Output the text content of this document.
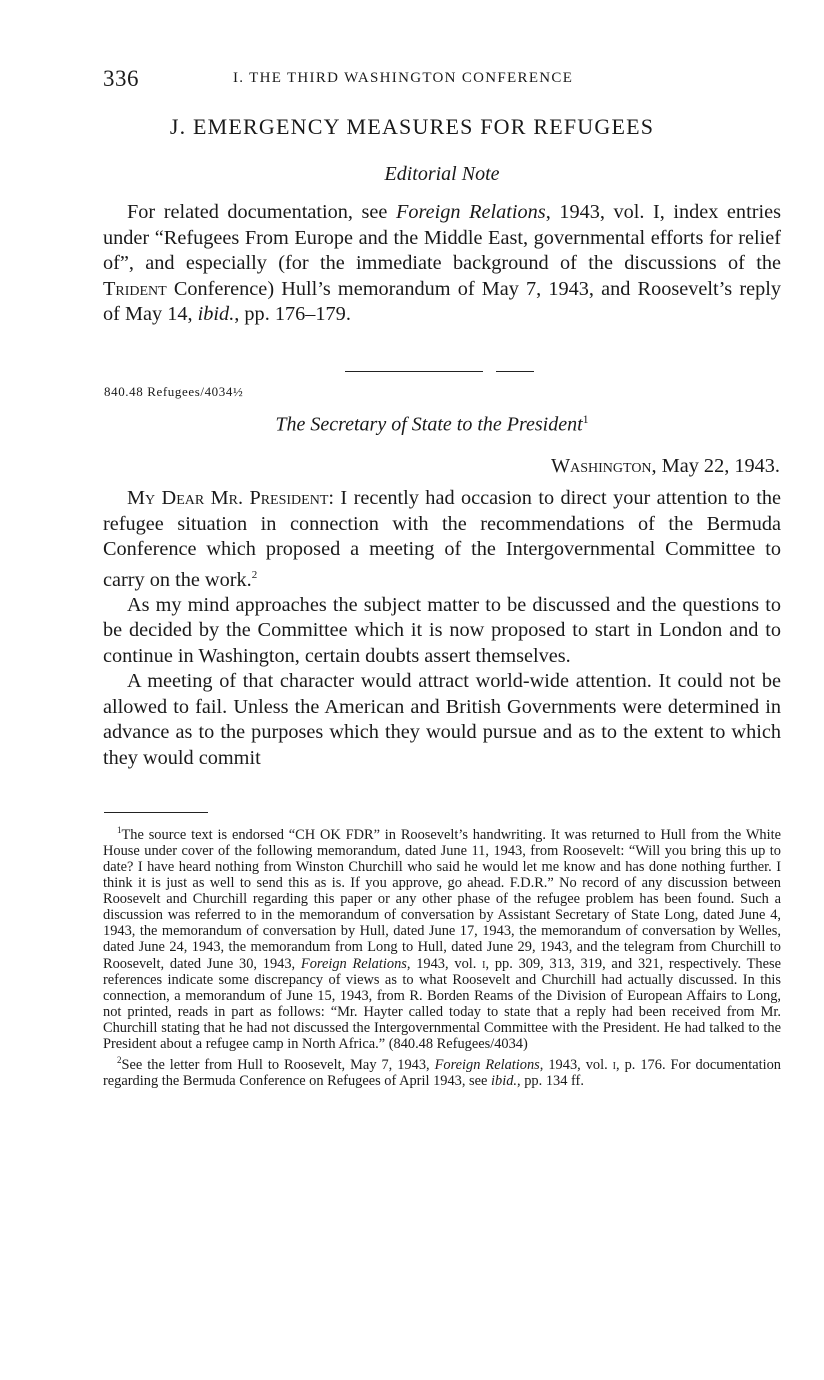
336	I. THE THIRD WASHINGTON CONFERENCE
J. EMERGENCY MEASURES FOR REFUGEES
Editorial Note
For related documentation, see Foreign Relations, 1943, vol. I, index entries under “Refugees From Europe and the Middle East, governmental efforts for relief of”, and especially (for the immediate background of the discussions of the Trident Conference) Hull’s memorandum of May 7, 1943, and Roosevelt’s reply of May 14, ibid., pp. 176–179.
840.48 Refugees/4034½
The Secretary of State to the President$^1$
Washington, May 22, 1943.

My Dear Mr. President: I recently had occasion to direct your attention to the refugee situation in connection with the recommendations of the Bermuda Conference which proposed a meeting of the Intergovernmental Committee to carry on the work.$^2$

As my mind approaches the subject matter to be discussed and the questions to be decided by the Committee which it is now proposed to start in London and to continue in Washington, certain doubts assert themselves.

A meeting of that character would attract world-wide attention. It could not be allowed to fail. Unless the American and British Governments were determined in advance as to the purposes which they would pursue and as to the extent to which they would commit

$^1$The source text is endorsed “CH OK FDR” in Roosevelt’s handwriting. It was returned to Hull from the White House under cover of the following memorandum, dated June 11, 1943, from Roosevelt: “Will you bring this up to date? I have heard nothing from Winston Churchill who said he would let me know and has done nothing further. I think it is just as well to send this as is. If you approve, go ahead. F.D.R.” No record of any discussion between Roosevelt and Churchill regarding this paper or any other phase of the refugee problem has been found. Such a discussion was referred to in the memorandum of conversation by Assistant Secretary of State Long, dated June 4, 1943, the memorandum of conversation by Hull, dated June 17, 1943, the memorandum of conversation by Welles, dated June 24, 1943, the memorandum from Long to Hull, dated June 29, 1943, and the telegram from Churchill to Roosevelt, dated June 30, 1943, Foreign Relations, 1943, vol. i, pp. 309, 313, 319, and 321, respectively. These references indicate some discrepancy of views as to what Roosevelt and Churchill had actually discussed. In this connection, a memorandum of June 15, 1943, from R. Borden Reams of the Division of European Affairs to Long, not printed, reads in part as follows: “Mr. Hayter called today to state that a reply had been received from Mr. Churchill stating that he had not discussed the Intergovernmental Committee with the President. He had talked to the President about a refugee camp in North Africa.” (840.48 Refugees/4034)

$^2$See the letter from Hull to Roosevelt, May 7, 1943, Foreign Relations, 1943, vol. i, p. 176. For documentation regarding the Bermuda Conference on Refugees of April 1943, see ibid., pp. 134 ff.
